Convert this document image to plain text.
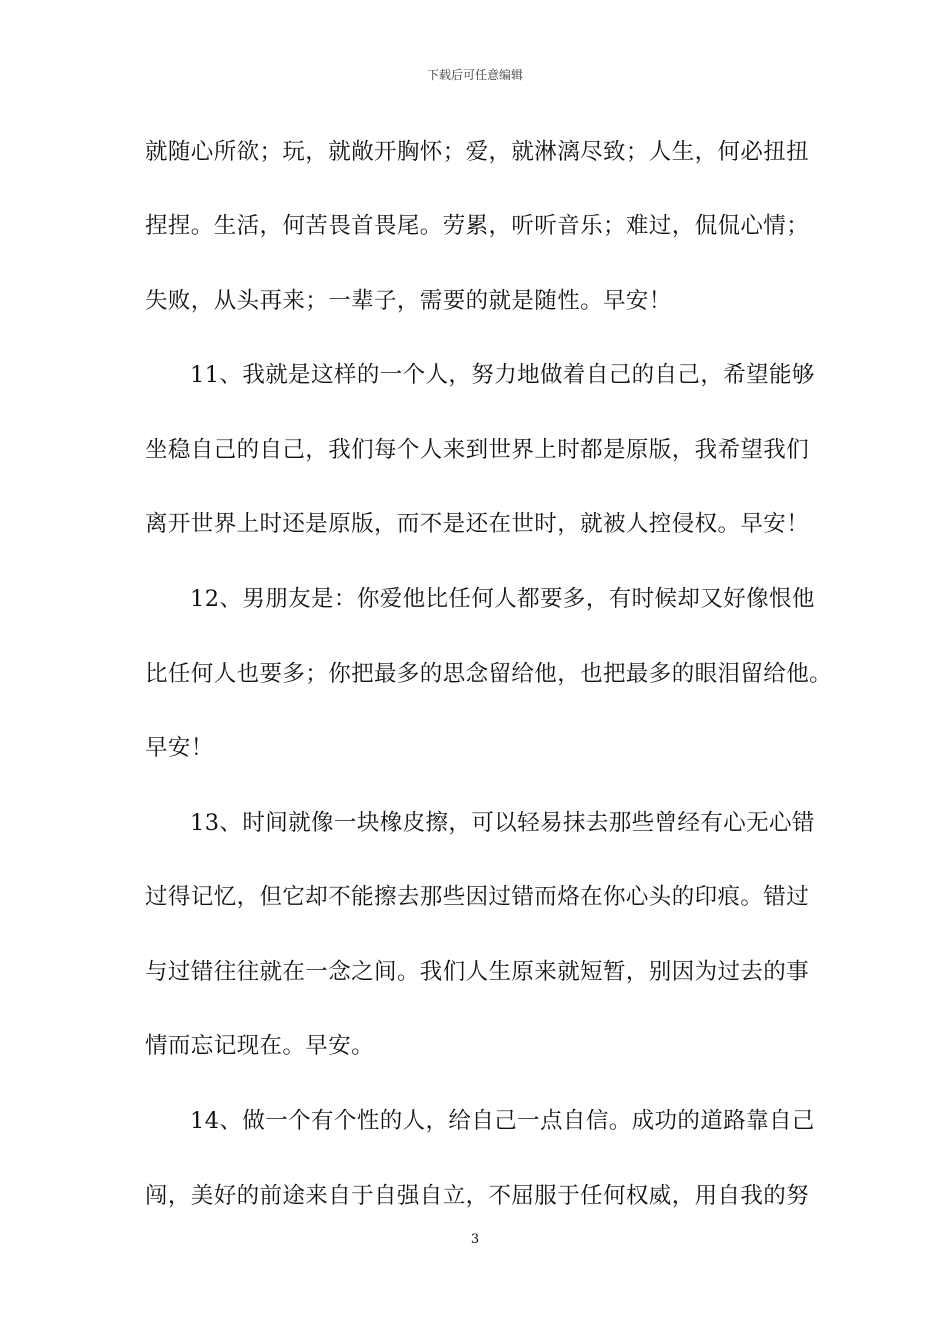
下载后可任意编辑
就随心所欲；玩，就敞开胸怀；爱，就淋漓尽致；人生，何必扭扭
捏捏。生活，何苦畏首畏尾。劳累，听听音乐；难过，侃侃心情；
失败，从头再来；一辈子，需要的就是随性。早安！
11、我就是这样的一个人，努力地做着自己的自己，希望能够
坐稳自己的自己，我们每个人来到世界上时都是原版，我希望我们
离开世界上时还是原版，而不是还在世时，就被人控侵权。早安！
12、男朋友是：你爱他比任何人都要多，有时候却又好像恨他
比任何人也要多；你把最多的思念留给他，也把最多的眼泪留给他。
早安！
13、时间就像一块橡皮擦，可以轻易抹去那些曾经有心无心错
过得记忆，但它却不能擦去那些因过错而烙在你心头的印痕。错过
与过错往往就在一念之间。我们人生原来就短暂，别因为过去的事
情而忘记现在。早安。
14、做一个有个性的人，给自己一点自信。成功的道路靠自己
闯，美好的前途来自于自强自立，不屈服于任何权威，用自我的努
3
